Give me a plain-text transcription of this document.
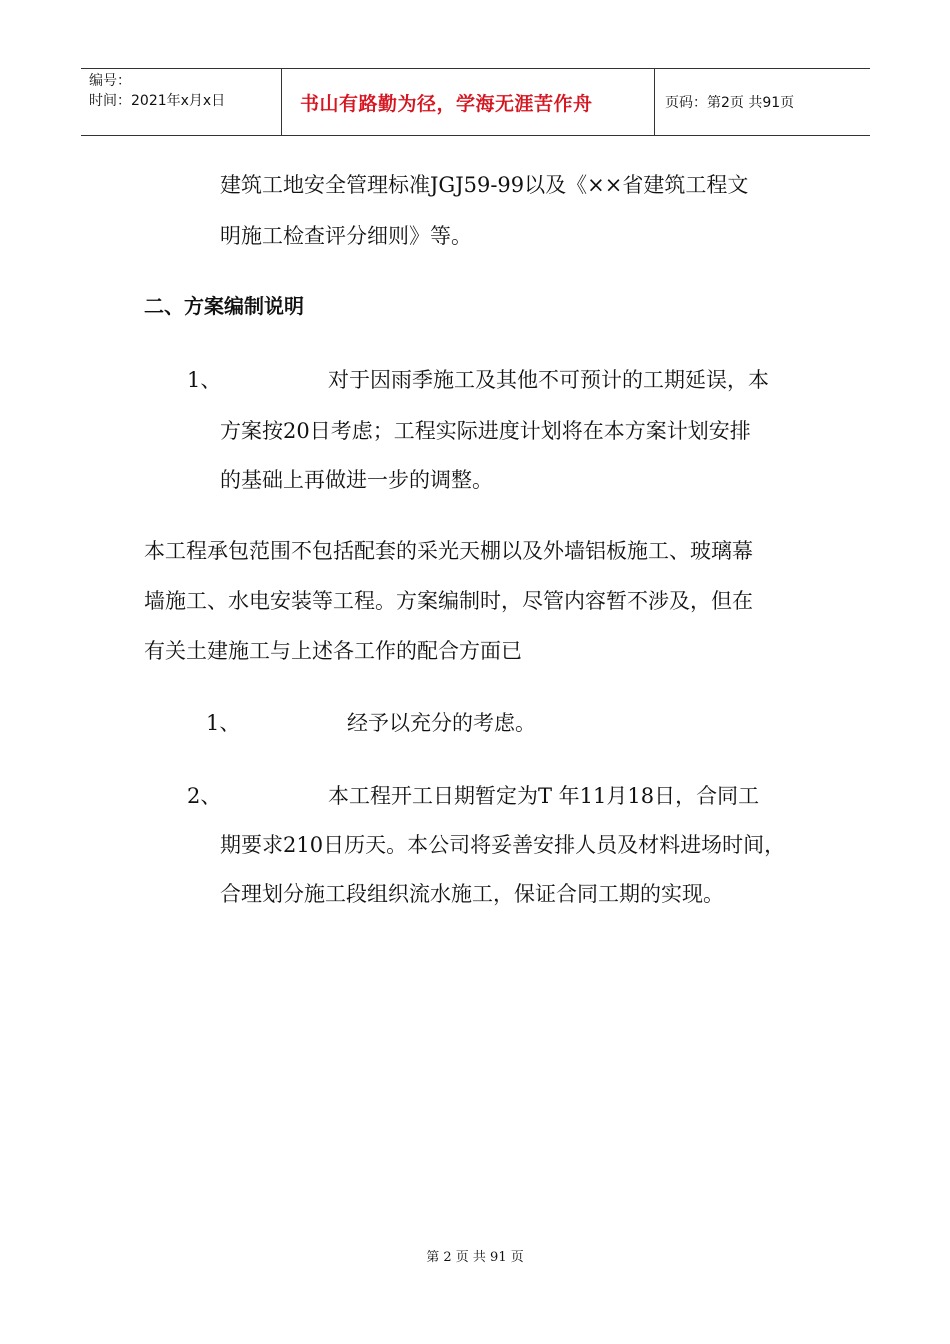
编号：
时间：2021年x月x日	书山有路勤为径，学海无涯苦作舟	页码：第2页 共91页
建筑工地安全管理标准JGJ59-99以及《××省建筑工程文
明施工检查评分细则》等。
二、方案编制说明
1、	对于因雨季施工及其他不可预计的工期延误，本
方案按20日考虑；工程实际进度计划将在本方案计划安排
的基础上再做进一步的调整。
本工程承包范围不包括配套的采光天棚以及外墙铝板施工、玻璃幕
墙施工、水电安装等工程。方案编制时，尽管内容暂不涉及，但在
有关土建施工与上述各工作的配合方面已
1、	经予以充分的考虑。
2、	本工程开工日期暂定为T 年11月18日，合同工
期要求210日历天。本公司将妥善安排人员及材料进场时间，
合理划分施工段组织流水施工，保证合同工期的实现。
第 2 页 共 91 页
